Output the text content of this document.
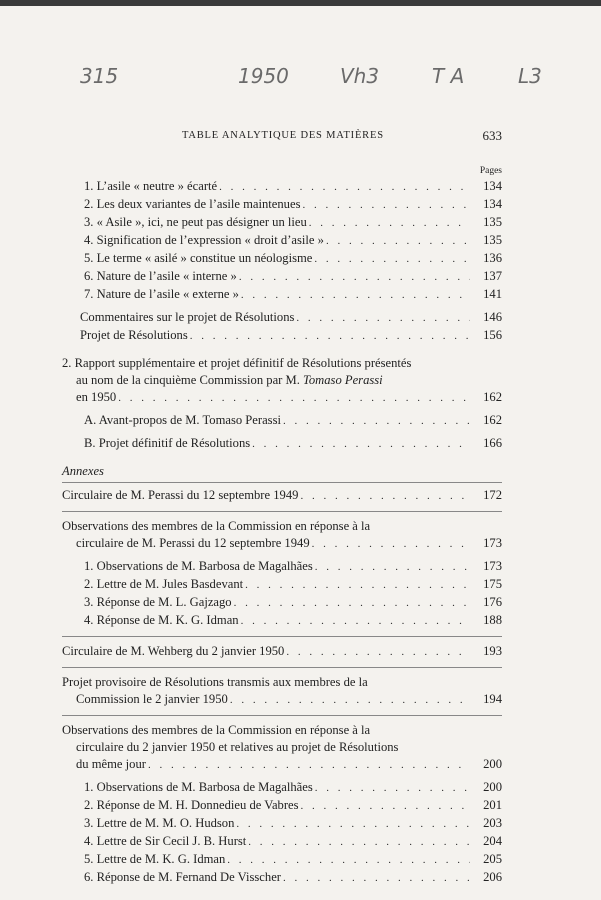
315	1950	Vh3	T A	L3
TABLE ANALYTIQUE DES MATIÈRES	633
Pages
1. L’asile « neutre » écarté . . .	134
2. Les deux variantes de l’asile maintenues . . .	134
3. « Asile », ici, ne peut pas désigner un lieu . . .	135
4. Signification de l’expression « droit d’asile » . . .	135
5. Le terme « asilé » constitue un néologisme . . .	136
6. Nature de l’asile « interne » . . .	137
7. Nature de l’asile « externe » . . .	141
Commentaires sur le projet de Résolutions . . .	146
Projet de Résolutions . . .	156
2. Rapport supplémentaire et projet définitif de Résolutions présentés
au nom de la cinquième Commission par M. Tomaso Perassi
en 1950 . . .	162
A. Avant-propos de M. Tomaso Perassi . . .	162
B. Projet définitif de Résolutions . . .	166
Annexes
Circulaire de M. Perassi du 12 septembre 1949 . . .	172
Observations des membres de la Commission en réponse à la
circulaire de M. Perassi du 12 septembre 1949 . . .	173
1. Observations de M. Barbosa de Magalhães . . .	173
2. Lettre de M. Jules Basdevant . . .	175
3. Réponse de M. L. Gajzago . . .	176
4. Réponse de M. K. G. Idman . . .	188
Circulaire de M. Wehberg du 2 janvier 1950 . . .	193
Projet provisoire de Résolutions transmis aux membres de la
Commission le 2 janvier 1950 . . .	194
Observations des membres de la Commission en réponse à la
circulaire du 2 janvier 1950 et relatives au projet de Résolutions
du même jour . . .	200
1. Observations de M. Barbosa de Magalhães . . .	200
2. Réponse de M. H. Donnedieu de Vabres . . .	201
3. Lettre de M. M. O. Hudson . . .	203
4. Lettre de Sir Cecil J. B. Hurst . . .	204
5. Lettre de M. K. G. Idman . . .	205
6. Réponse de M. Fernand De Visscher . . .	206
